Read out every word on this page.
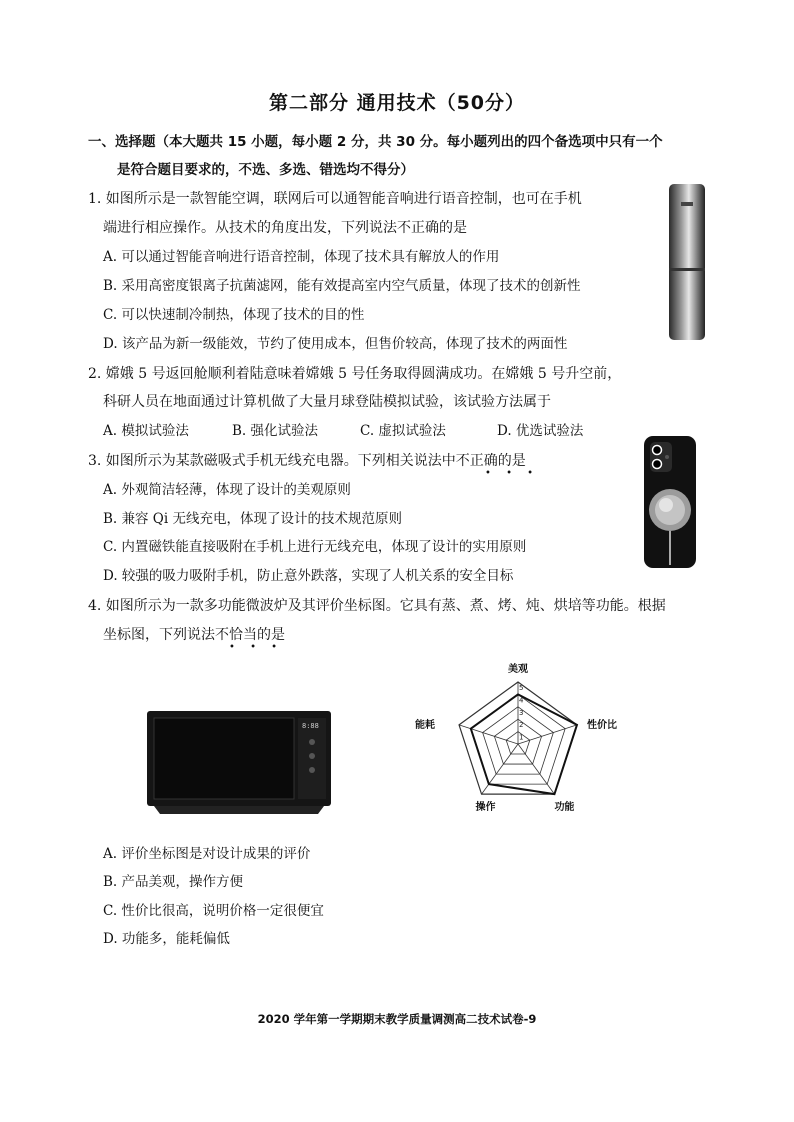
第二部分 通用技术（50分）
一、选择题（本大题共 15 小题，每小题 2 分，共 30 分。每小题列出的四个备选项中只有一个
是符合题目要求的，不选、多选、错选均不得分）
1. 如图所示是一款智能空调，联网后可以通智能音响进行语音控制，也可在手机
端进行相应操作。从技术的角度出发，下列说法不正确的是
A. 可以通过智能音响进行语音控制，体现了技术具有解放人的作用
B. 采用高密度银离子抗菌滤网，能有效提高室内空气质量，体现了技术的创新性
C. 可以快速制冷制热，体现了技术的目的性
D. 该产品为新一级能效，节约了使用成本，但售价较高，体现了技术的两面性
2. 嫦娥 5 号返回舱顺利着陆意味着嫦娥 5 号任务取得圆满成功。在嫦娥 5 号升空前，
科研人员在地面通过计算机做了大量月球登陆模拟试验，该试验方法属于
A. 模拟试验法	B. 强化试验法	C. 虚拟试验法	D. 优选试验法
3. 如图所示为某款磁吸式手机无线充电器。下列相关说法中不正确的是
• • •
A. 外观简洁轻薄，体现了设计的美观原则
B. 兼容 Qi 无线充电，体现了设计的技术规范原则
C. 内置磁铁能直接吸附在手机上进行无线充电，体现了设计的实用原则
D. 较强的吸力吸附手机，防止意外跌落，实现了人机关系的安全目标
4. 如图所示为一款多功能微波炉及其评价坐标图。它具有蒸、煮、烤、炖、烘培等功能。根据
坐标图，下列说法不恰当的是
• • •
8:88
1
2
3
4
5
美观
性价比
功能
操作
能耗
A. 评价坐标图是对设计成果的评价
B. 产品美观，操作方便
C. 性价比很高，说明价格一定很便宜
D. 功能多，能耗偏低
2020 学年第一学期期末教学质量调测高二技术试卷-9
